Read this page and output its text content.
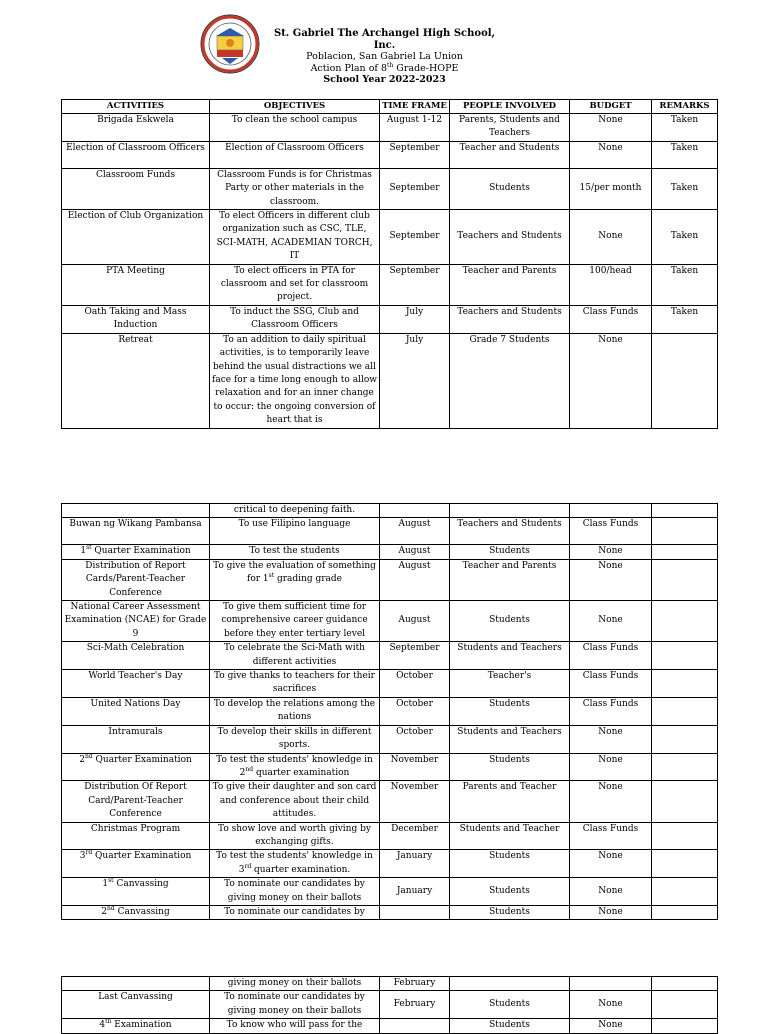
St. Gabriel The Archangel High School, Inc.
Poblacion, San Gabriel La Union
Action Plan of 8th Grade-HOPE
School Year 2022-2023
ACTIVITIES	OBJECTIVES	TIME FRAME	PEOPLE INVOLVED	BUDGET	REMARKS
Brigada Eskwela	To clean the school campus	August 1-12	Parents, Students and Teachers	None	Taken
Election of Classroom Officers	Election of Classroom Officers	September	Teacher and Students	None	Taken
Classroom Funds	Classroom Funds is for Christmas Party or other materials in the classroom.	September	Students	15/per month	Taken
Election of Club Organization	To elect Officers in different club organization such as CSC, TLE, SCI-MATH, ACADEMIAN TORCH, IT	September	Teachers and Students	None	Taken
PTA Meeting	To elect officers in PTA for classroom and set for classroom project.	September	Teacher and Parents	100/head	Taken
Oath Taking and Mass Induction	To induct the SSG, Club and Classroom Officers	July	Teachers and Students	Class Funds	Taken
Retreat	To an addition to daily spiritual activities, is to temporarily leave behind the usual distractions we all face for a time long enough to allow relaxation and for an inner change to occur: the ongoing conversion of heart that is	July	Grade 7 Students	None	
	critical to deepening faith.				
Buwan ng Wikang Pambansa	To use Filipino language	August	Teachers and Students	Class Funds	
1st Quarter Examination	To test the students	August	Students	None	
Distribution of Report Cards/Parent-Teacher Conference	To give the evaluation of something for 1st grading grade	August	Teacher and Parents	None	
National Career Assessment Examination (NCAE) for Grade 9	To give them sufficient time for comprehensive career guidance before they enter tertiary level	August	Students	None	
Sci-Math Celebration	To celebrate the Sci-Math with different activities	September	Students and Teachers	Class Funds	
World Teacher's Day	To give thanks to teachers for their sacrifices	October	Teacher's	Class Funds	
United Nations Day	To develop the relations among the nations	October	Students	Class Funds	
Intramurals	To develop their skills in different sports.	October	Students and Teachers	None	
2nd Quarter Examination	To test the students' knowledge in 2nd quarter examination	November	Students	None	
Distribution Of Report Card/Parent-Teacher Conference	To give their daughter and son card and conference about their child attitudes.	November	Parents and Teacher	None	
Christmas Program	To show love and worth giving by exchanging gifts.	December	Students and Teacher	Class Funds	
3rd Quarter Examination	To test the students' knowledge in 3rd quarter examination.	January	Students	None	
1st Canvassing	To nominate our candidates by giving money on their ballots	January	Students	None	
2nd Canvassing	To nominate our candidates by		Students	None	
	giving money on their ballots	February			
Last Canvassing	To nominate our candidates by giving money on their ballots	February	Students	None	
4th Examination	To know who will pass for the		Students	None	
